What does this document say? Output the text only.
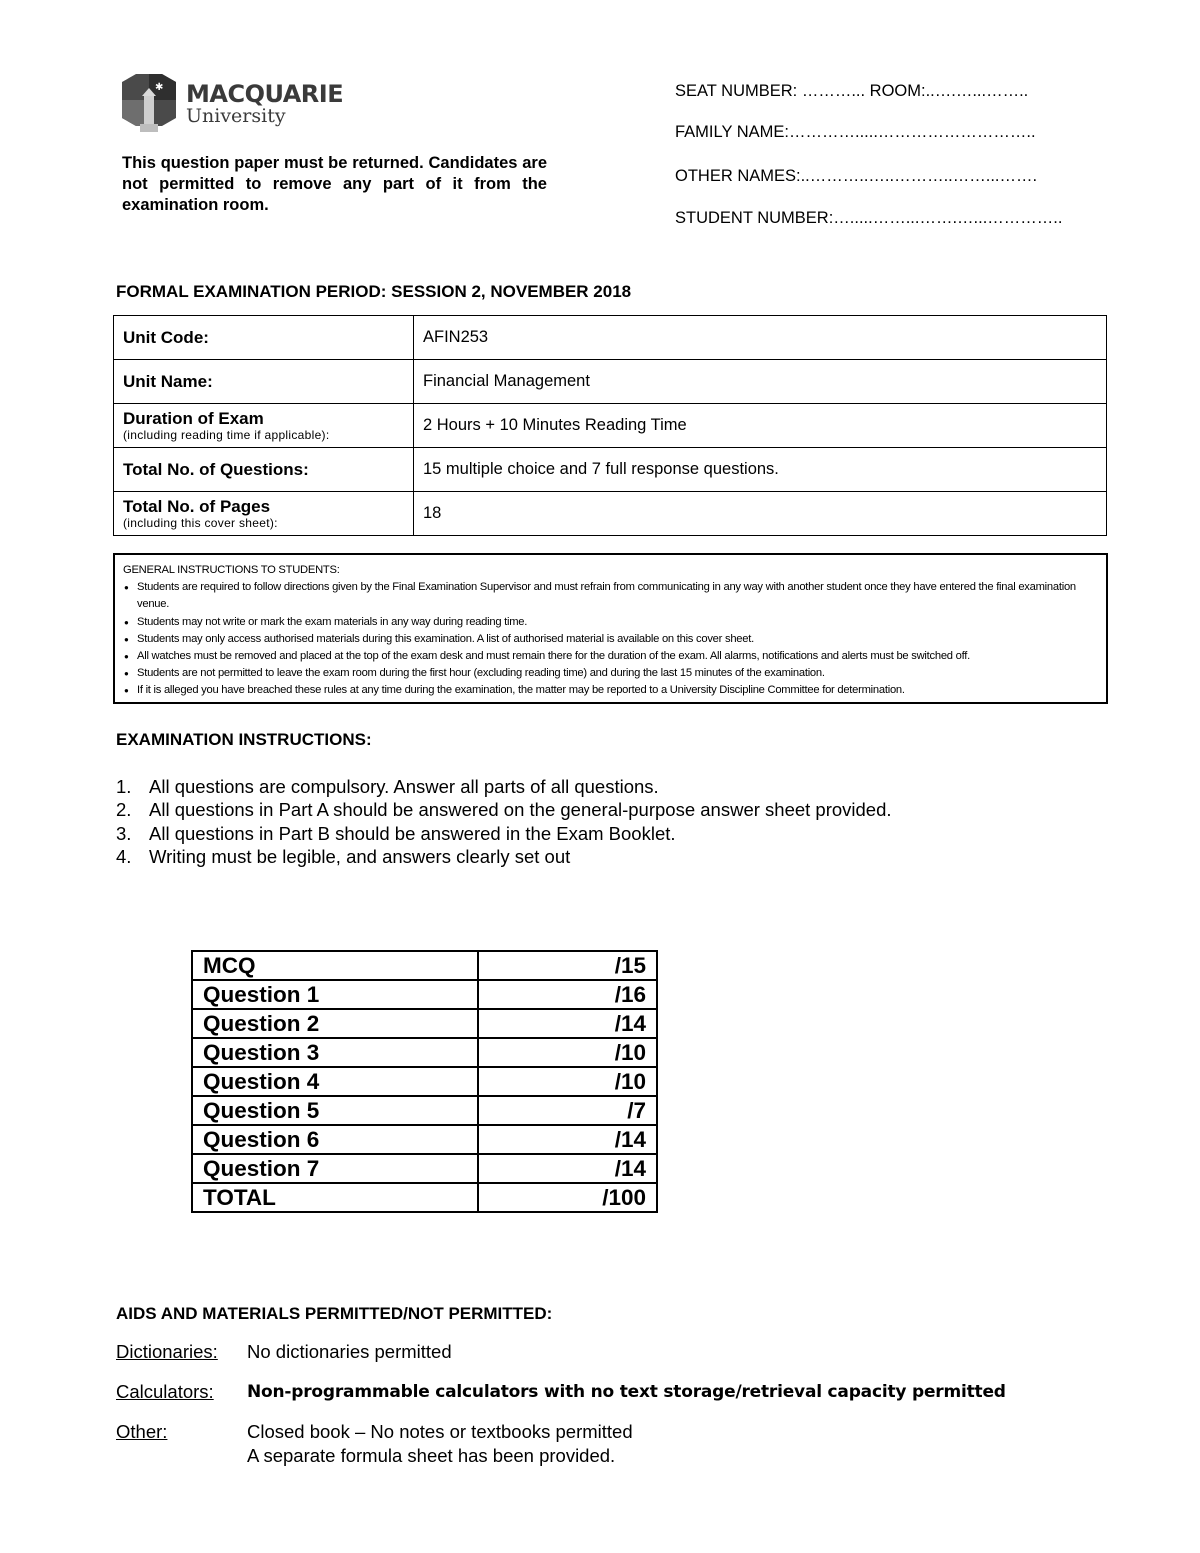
✱ MACQUARIE
University
This question paper must be returned. Candidates are not permitted to remove any part of it from the examination room.
SEAT NUMBER: ………... ROOM:..….…...……..
FAMILY NAME:………….....………………………..
OTHER NAMES:..………..…..………..……...…….
STUDENT NUMBER:….....……...…….…...…………..
FORMAL EXAMINATION PERIOD: SESSION 2, NOVEMBER 2018
Unit Code:	AFIN253
Unit Name:	Financial Management
Duration of Exam
(including reading time if applicable):	2 Hours + 10 Minutes Reading Time
Total No. of Questions:	15 multiple choice and 7 full response questions.
Total No. of Pages
(including this cover sheet):	18
GENERAL INSTRUCTIONS TO STUDENTS:
● Students are required to follow directions given by the Final Examination Supervisor and must refrain from communicating in any way with another student once they have entered the final examination venue.
● Students may not write or mark the exam materials in any way during reading time.
● Students may only access authorised materials during this examination. A list of authorised material is available on this cover sheet.
● All watches must be removed and placed at the top of the exam desk and must remain there for the duration of the exam. All alarms, notifications and alerts must be switched off.
● Students are not permitted to leave the exam room during the first hour (excluding reading time) and during the last 15 minutes of the examination.
● If it is alleged you have breached these rules at any time during the examination, the matter may be reported to a University Discipline Committee for determination.
EXAMINATION INSTRUCTIONS:
1. All questions are compulsory. Answer all parts of all questions.
2. All questions in Part A should be answered on the general-purpose answer sheet provided.
3. All questions in Part B should be answered in the Exam Booklet.
4. Writing must be legible, and answers clearly set out
MCQ	/15
Question 1	/16
Question 2	/14
Question 3	/10
Question 4	/10
Question 5	/7
Question 6	/14
Question 7	/14
TOTAL	/100
AIDS AND MATERIALS PERMITTED/NOT PERMITTED:
Dictionaries: No dictionaries permitted
Calculators: Non-programmable calculators with no text storage/retrieval capacity permitted
Other:	Closed book – No notes or textbooks permitted
A separate formula sheet has been provided.
